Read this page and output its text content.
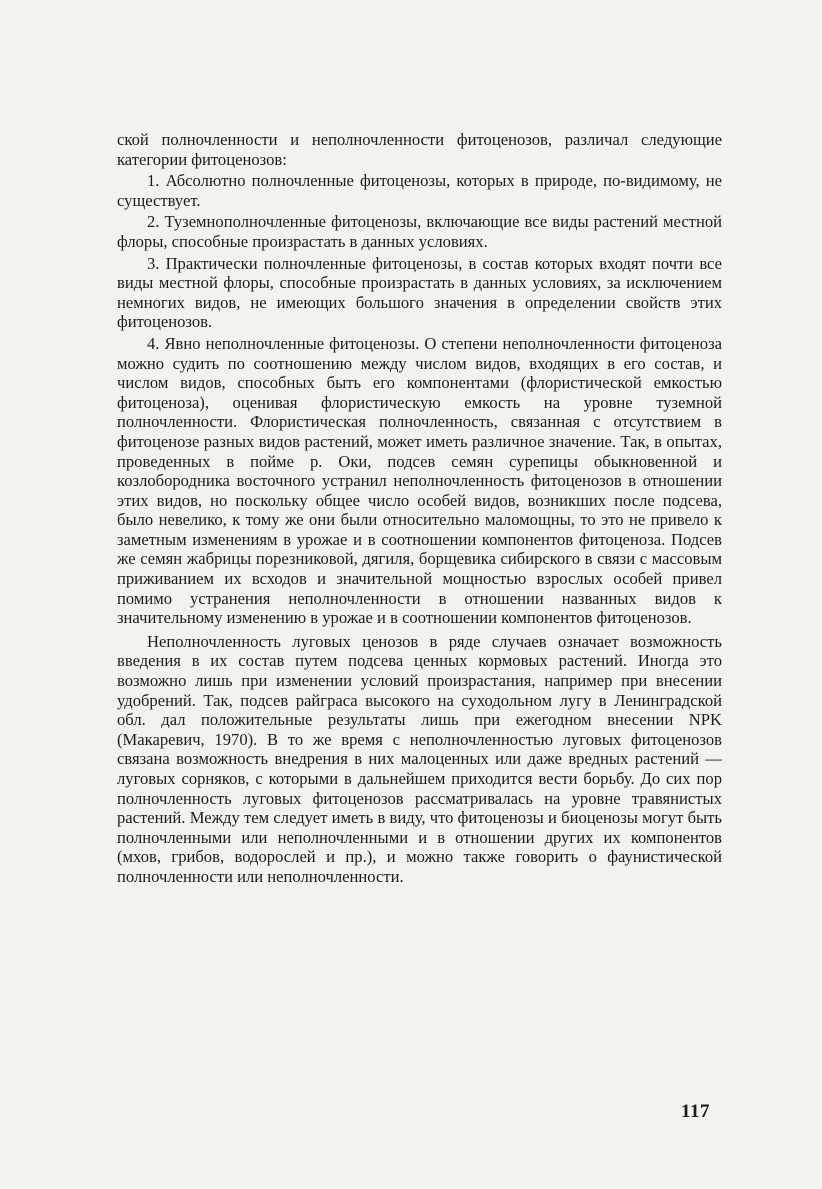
ской полночленности и неполночленности фитоценозов, различал следующие категории фитоценозов:

1. Абсолютно полночленные фитоценозы, которых в природе, по-видимому, не существует.

2. Туземнополночленные фитоценозы, включающие все виды растений местной флоры, способные произрастать в данных условиях.

3. Практически полночленные фитоценозы, в состав которых входят почти все виды местной флоры, способные произрастать в данных условиях, за исключением немногих видов, не имеющих большого значения в определении свойств этих фитоценозов.

4. Явно неполночленные фитоценозы. О степени неполночленности фитоценоза можно судить по соотношению между числом видов, входящих в его состав, и числом видов, способных быть его компонентами (флористической емкостью фитоценоза), оценивая флористическую емкость на уровне туземной полночленности. Флористическая полночленность, связанная с отсутствием в фитоценозе разных видов растений, может иметь различное значение. Так, в опытах, проведенных в пойме р. Оки, подсев семян сурепицы обыкновенной и козлобородника восточного устранил неполночленность фитоценозов в отношении этих видов, но поскольку общее число особей видов, возникших после подсева, было невелико, к тому же они были относительно маломощны, то это не привело к заметным изменениям в урожае и в соотношении компонентов фитоценоза. Подсев же семян жабрицы порезниковой, дягиля, борщевика сибирского в связи с массовым приживанием их всходов и значительной мощностью взрослых особей привел помимо устранения неполночленности в отношении названных видов к значительному изменению в урожае и в соотношении компонентов фитоценозов.

Неполночленность луговых ценозов в ряде случаев означает возможность введения в их состав путем подсева ценных кормовых растений. Иногда это возможно лишь при изменении условий произрастания, например при внесении удобрений. Так, подсев райграса высокого на суходольном лугу в Ленинградской обл. дал положительные результаты лишь при ежегодном внесении NPK (Макаревич, 1970). В то же время с неполночленностью луговых фитоценозов связана возможность внедрения в них малоценных или даже вредных растений — луговых сорняков, с которыми в дальнейшем приходится вести борьбу. До сих пор полночленность луговых фитоценозов рассматривалась на уровне травянистых растений. Между тем следует иметь в виду, что фитоценозы и биоценозы могут быть полночленными или неполночленными и в отношении других их компонентов (мхов, грибов, водорослей и пр.), и можно также говорить о фаунистической полночленности или неполночленности.

117
